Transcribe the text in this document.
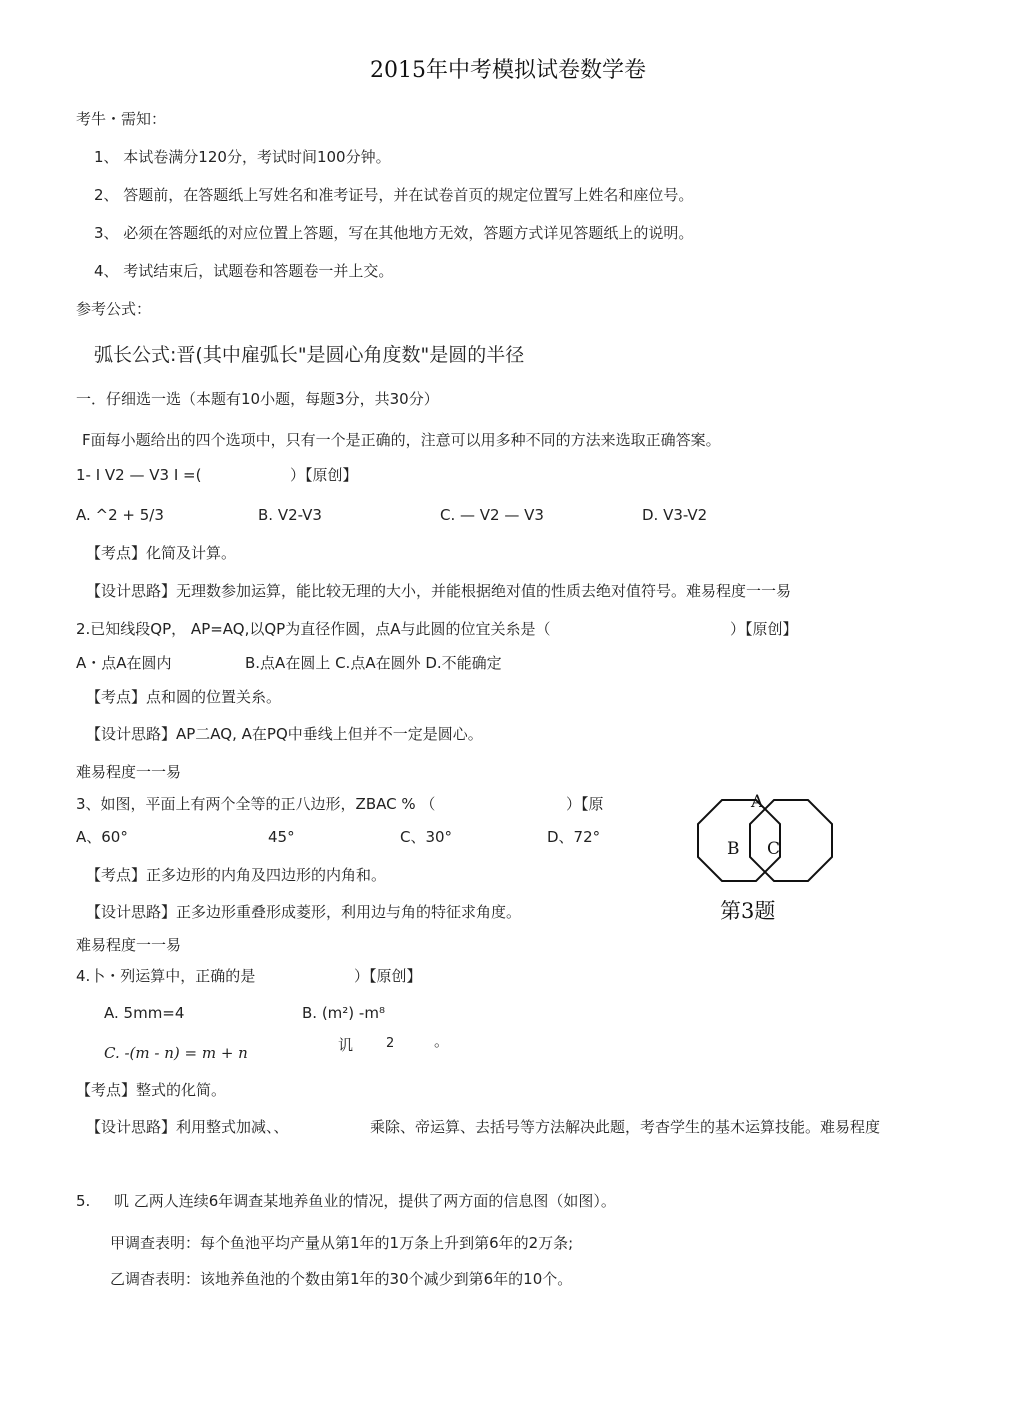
2015年中考模拟试卷数学卷
考牛・需知：
1、 本试卷满分120分，考试时间100分钟。
2、 答题前，在答题纸上写姓名和准考证号，并在试卷首页的规定位置写上姓名和座位号。
3、 必须在答题纸的对应位置上答题，写在其他地方无效，答题方式详见答题纸上的说明。
4、 考试结束后，试题卷和答题卷一并上交。
参考公式：
弧长公式:晋(其中雇弧长"是圆心角度数"是圆的半径
一．仔细选一选（本题有10小题，每题3分，共30分）
F面每小题给出的四个选项中，只有一个是正确的，注意可以用多种不同的方法来选取正确答案。
1- I V2 — V3 I =(	）【原创】
A. ^2 + 5/3	B. V2-V3	C. — V2 — V3	D. V3-V2
【考点】化简及计算。
【设计思路】无理数参加运算，能比较无理的大小，并能根据绝对值的性质去绝对值符号。难易程度一一易
2.已知线段QP， AP=AQ,以QP为直径作圆，点A与此圆的位宜关糸是（	）【原创】
A・点A在圆内	B.点A在圆上 C.点A在圆外 D.不能确定
【考点】点和圆的位置关糸。
【设计思路】AP二AQ, A在PQ中垂线上但并不一定是圆心。
难易程度一一易
3、如图，平面上有两个全等的正八边形，ZBAC % （	）【原
A、60°	45°	C、30°	D、72°
【考点】正多边形的内角及四边形的内角和。
【设计思路】正多边形重叠形成菱形，利用边与角的特征求角度。
难易程度一一易
A
B C
第3题
4.卜・列运算中，正确的是	）【原创】
A. 5mm=4	B. (m²) -m⁸
C. -(m - n) = m + n	讥	2	。
【考点】整式的化简。
【设计思路】利用整式加减、、	乘除、帝运算、去括号等方法解决此题，考杳学生的基木运算技能。难易程度
5. 叽 乙两人连续6年调查某地养鱼业的情况，提供了两方面的信息图（如图）。
甲调查表明：每个鱼池平均产量从第1年的1万条上升到第6年的2万条;
乙调杳表明：该地养鱼池的个数由第1年的30个减少到第6年的10个。
